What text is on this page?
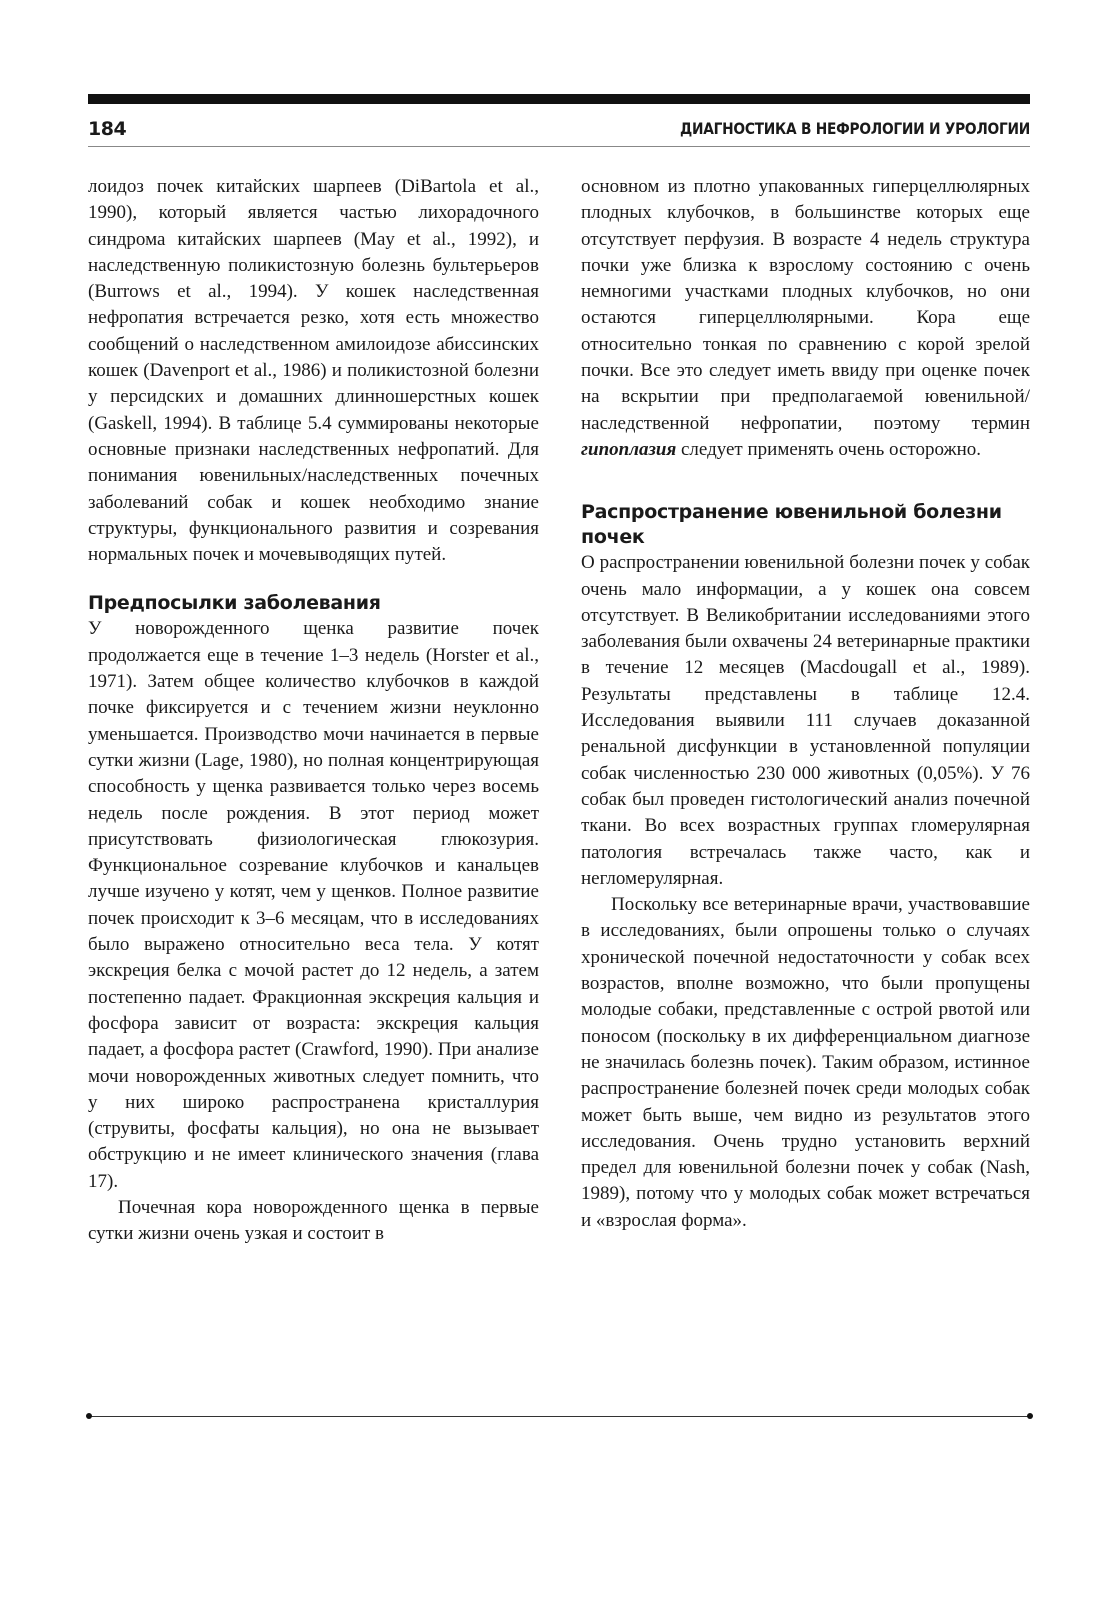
184	ДИАГНОСТИКА В НЕФРОЛОГИИ И УРОЛОГИИ

лоидоз почек китайских шарпеев (DiBartola et al., 1990), который является частью лихорадочного синдрома китайских шарпеев (May et al., 1992), и наследственную поликистозную болезнь бультерьеров (Burrows et al., 1994). У кошек наследственная нефропатия встречается резко, хотя есть множество сообщений о наследственном амилоидозе абиссинских кошек (Davenport et al., 1986) и поликистозной болезни у персидских и домашних длинношерстных кошек (Gaskell, 1994). В таблице 5.4 суммированы некоторые основные признаки наследственных нефропатий. Для понимания ювенильных/наследственных почечных заболеваний собак и кошек необходимо знание структуры, функционального развития и созревания нормальных почек и мочевыводящих путей.

Предпосылки заболевания

У новорожденного щенка развитие почек продолжается еще в течение 1–3 недель (Horster et al., 1971). Затем общее количество клубочков в каждой почке фиксируется и с течением жизни неуклонно уменьшается. Производство мочи начинается в первые сутки жизни (Lage, 1980), но полная концентрирующая способность у щенка развивается только через восемь недель после рождения. В этот период может присутствовать физиологическая глюкозурия. Функциональное созревание клубочков и канальцев лучше изучено у котят, чем у щенков. Полное развитие почек происходит к 3–6 месяцам, что в исследованиях было выражено относительно веса тела. У котят экскреция белка с мочой растет до 12 недель, а затем постепенно падает. Фракционная экскреция кальция и фосфора зависит от возраста: экскреция кальция падает, а фосфора растет (Crawford, 1990). При анализе мочи новорожденных животных следует помнить, что у них широко распространена кристаллурия (струвиты, фосфаты кальция), но она не вызывает обструкцию и не имеет клинического значения (глава 17).

Почечная кора новорожденного щенка в первые сутки жизни очень узкая и состоит в

основном из плотно упакованных гиперцеллюлярных плодных клубочков, в большинстве которых еще отсутствует перфузия. В возрасте 4 недель структура почки уже близка к взрослому состоянию с очень немногими участками плодных клубочков, но они остаются гиперцеллюлярными. Кора еще относительно тонкая по сравнению с корой зрелой почки. Все это следует иметь ввиду при оценке почек на вскрытии при предполагаемой ювенильной/наследственной нефропатии, поэтому термин гипоплазия следует применять очень осторожно.

Распространение ювенильной болезни почек

О распространении ювенильной болезни почек у собак очень мало информации, а у кошек она совсем отсутствует. В Великобритании исследованиями этого заболевания были охвачены 24 ветеринарные практики в течение 12 месяцев (Macdougall et al., 1989). Результаты представлены в таблице 12.4. Исследования выявили 111 случаев доказанной ренальной дисфункции в установленной популяции собак численностью 230 000 животных (0,05%). У 76 собак был проведен гистологический анализ почечной ткани. Во всех возрастных группах гломерулярная патология встречалась также часто, как и негломерулярная.

Поскольку все ветеринарные врачи, участвовавшие в исследованиях, были опрошены только о случаях хронической почечной недостаточности у собак всех возрастов, вполне возможно, что были пропущены молодые собаки, представленные с острой рвотой или поносом (поскольку в их дифференциальном диагнозе не значилась болезнь почек). Таким образом, истинное распространение болезней почек среди молодых собак может быть выше, чем видно из результатов этого исследования. Очень трудно установить верхний предел для ювенильной болезни почек у собак (Nash, 1989), потому что у молодых собак может встречаться и «взрослая форма».
